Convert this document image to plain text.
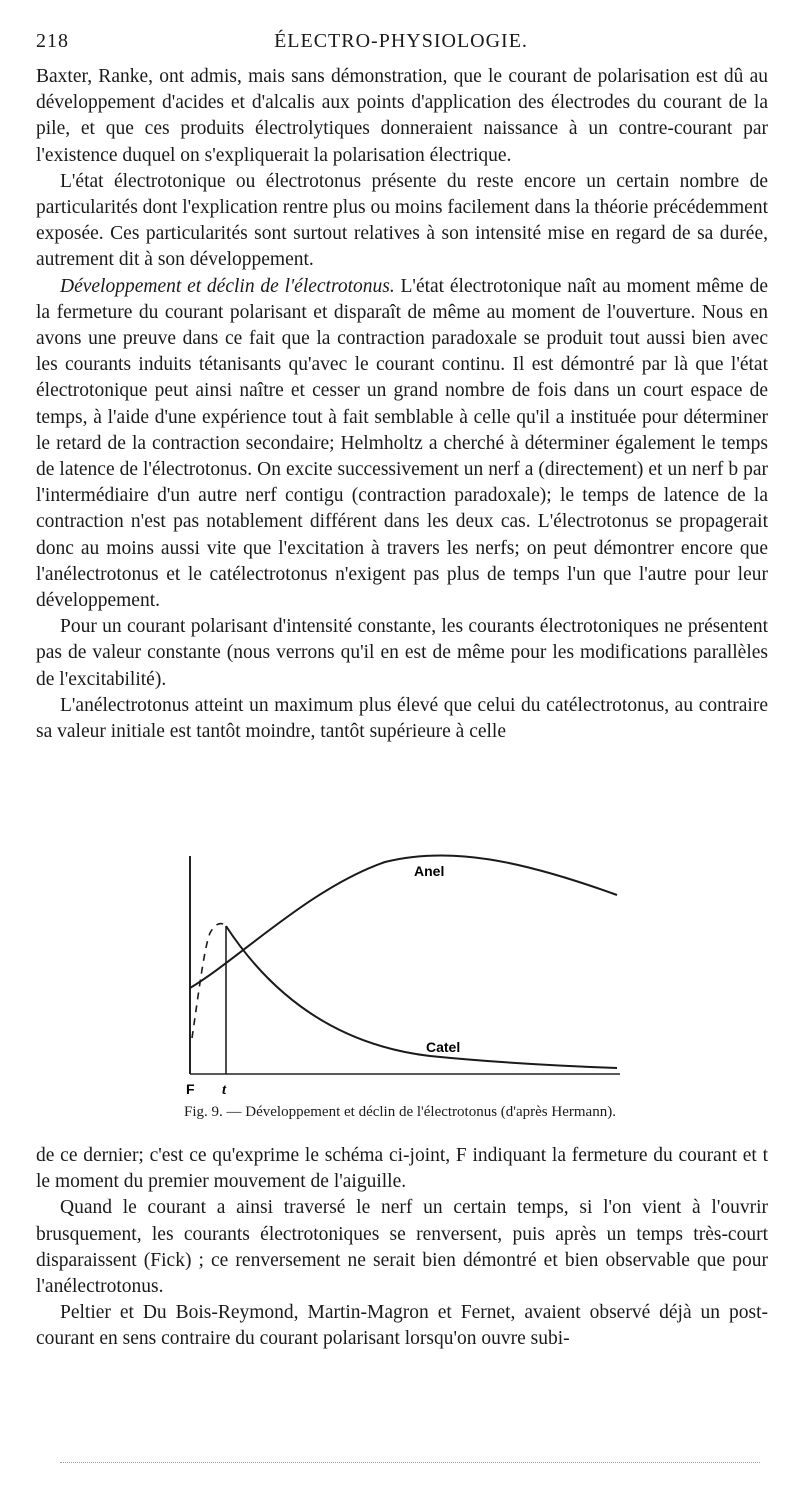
218	ÉLECTRO-PHYSIOLOGIE.

Baxter, Ranke, ont admis, mais sans démonstration, que le courant de polarisation est dû au développement d'acides et d'alcalis aux points d'application des électrodes du courant de la pile, et que ces produits électrolytiques donneraient naissance à un contre-courant par l'existence duquel on s'expliquerait la polarisation électrique.

L'état électrotonique ou électrotonus présente du reste encore un certain nombre de particularités dont l'explication rentre plus ou moins facilement dans la théorie précédemment exposée. Ces particularités sont surtout relatives à son intensité mise en regard de sa durée, autrement dit à son développement.

Développement et déclin de l'électrotonus. L'état électrotonique naît au moment même de la fermeture du courant polarisant et disparaît de même au moment de l'ouverture. Nous en avons une preuve dans ce fait que la contraction paradoxale se produit tout aussi bien avec les courants induits tétanisants qu'avec le courant continu. Il est démontré par là que l'état électrotonique peut ainsi naître et cesser un grand nombre de fois dans un court espace de temps, à l'aide d'une expérience tout à fait semblable à celle qu'il a instituée pour déterminer le retard de la contraction secondaire; Helmholtz a cherché à déterminer également le temps de latence de l'électrotonus. On excite successivement un nerf a (directement) et un nerf b par l'intermédiaire d'un autre nerf contigu (contraction paradoxale); le temps de latence de la contraction n'est pas notablement différent dans les deux cas. L'électrotonus se propagerait donc au moins aussi vite que l'excitation à travers les nerfs; on peut démontrer encore que l'anélectrotonus et le catélectrotonus n'exigent pas plus de temps l'un que l'autre pour leur développement.

Pour un courant polarisant d'intensité constante, les courants électrotoniques ne présentent pas de valeur constante (nous verrons qu'il en est de même pour les modifications parallèles de l'excitabilité).

L'anélectrotonus atteint un maximum plus élevé que celui du catélectrotonus, au contraire sa valeur initiale est tantôt moindre, tantôt supérieure à celle

Anel
Catel
F t
Fig. 9. — Développement et déclin de l'électrotonus (d'après Hermann).

de ce dernier; c'est ce qu'exprime le schéma ci-joint, F indiquant la fermeture du courant et t le moment du premier mouvement de l'aiguille.

Quand le courant a ainsi traversé le nerf un certain temps, si l'on vient à l'ouvrir brusquement, les courants électrotoniques se renversent, puis après un temps très-court disparaissent (Fick) ; ce renversement ne serait bien démontré et bien observable que pour l'anélectrotonus.

Peltier et Du Bois-Reymond, Martin-Magron et Fernet, avaient observé déjà un post-courant en sens contraire du courant polarisant lorsqu'on ouvre subi-
